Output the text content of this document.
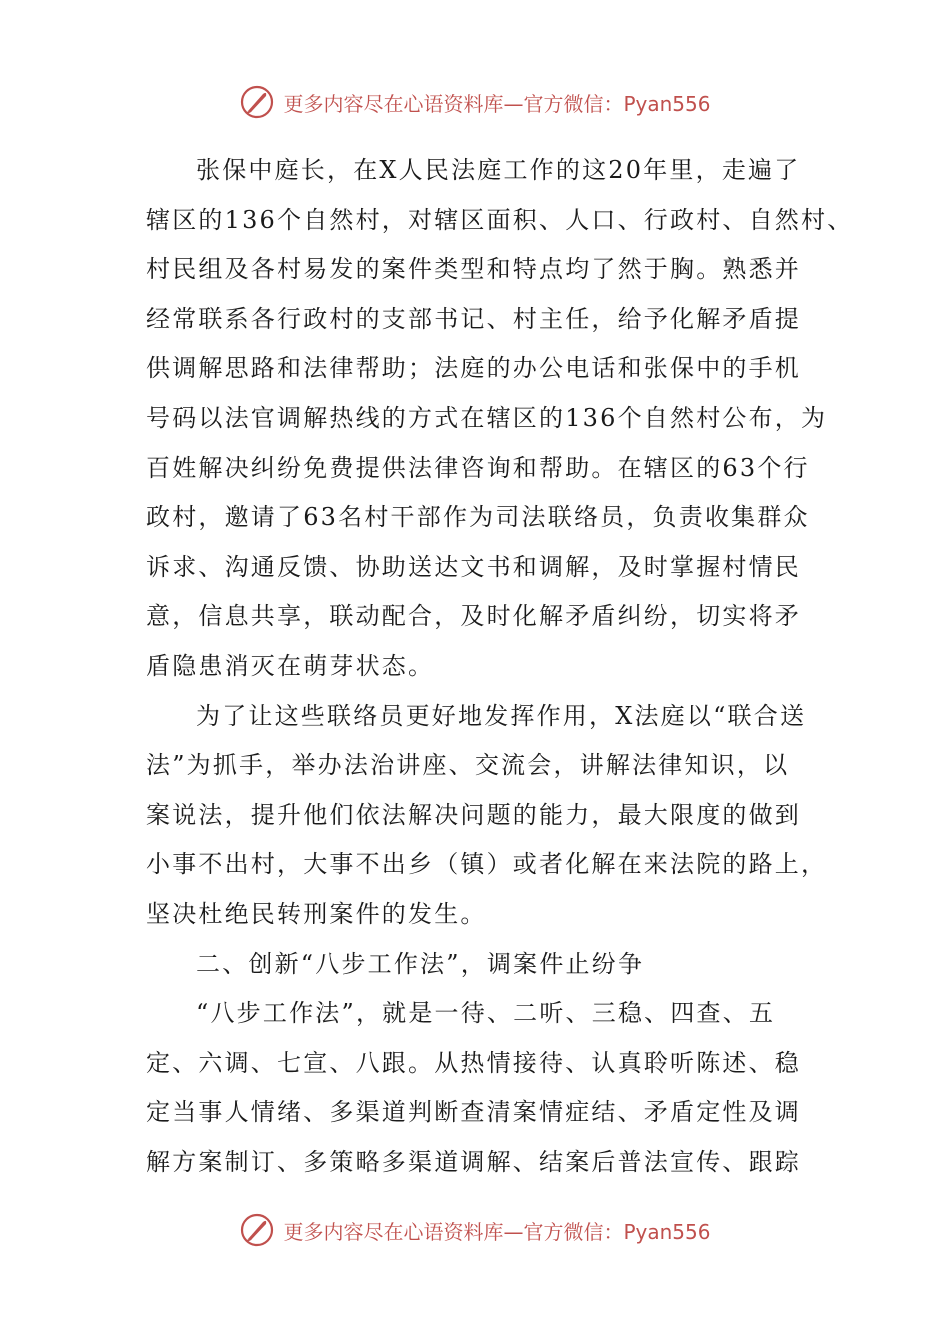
更多内容尽在心语资料库—官方微信：Pyan556
张保中庭长，在X人民法庭工作的这20年里，走遍了
辖区的136个自然村，对辖区面积、人口、行政村、自然村、
村民组及各村易发的案件类型和特点均了然于胸。熟悉并
经常联系各行政村的支部书记、村主任，给予化解矛盾提
供调解思路和法律帮助；法庭的办公电话和张保中的手机
号码以法官调解热线的方式在辖区的136个自然村公布，为
百姓解决纠纷免费提供法律咨询和帮助。在辖区的63个行
政村，邀请了63名村干部作为司法联络员，负责收集群众
诉求、沟通反馈、协助送达文书和调解，及时掌握村情民
意，信息共享，联动配合，及时化解矛盾纠纷，切实将矛
盾隐患消灭在萌芽状态。
为了让这些联络员更好地发挥作用，X法庭以“联合送
法”为抓手，举办法治讲座、交流会，讲解法律知识，以
案说法，提升他们依法解决问题的能力，最大限度的做到
小事不出村，大事不出乡（镇）或者化解在来法院的路上，
坚决杜绝民转刑案件的发生。
二、创新“八步工作法”，调案件止纷争
“八步工作法”，就是一待、二听、三稳、四查、五
定、六调、七宣、八跟。从热情接待、认真聆听陈述、稳
定当事人情绪、多渠道判断查清案情症结、矛盾定性及调
解方案制订、多策略多渠道调解、结案后普法宣传、跟踪
更多内容尽在心语资料库—官方微信：Pyan556
